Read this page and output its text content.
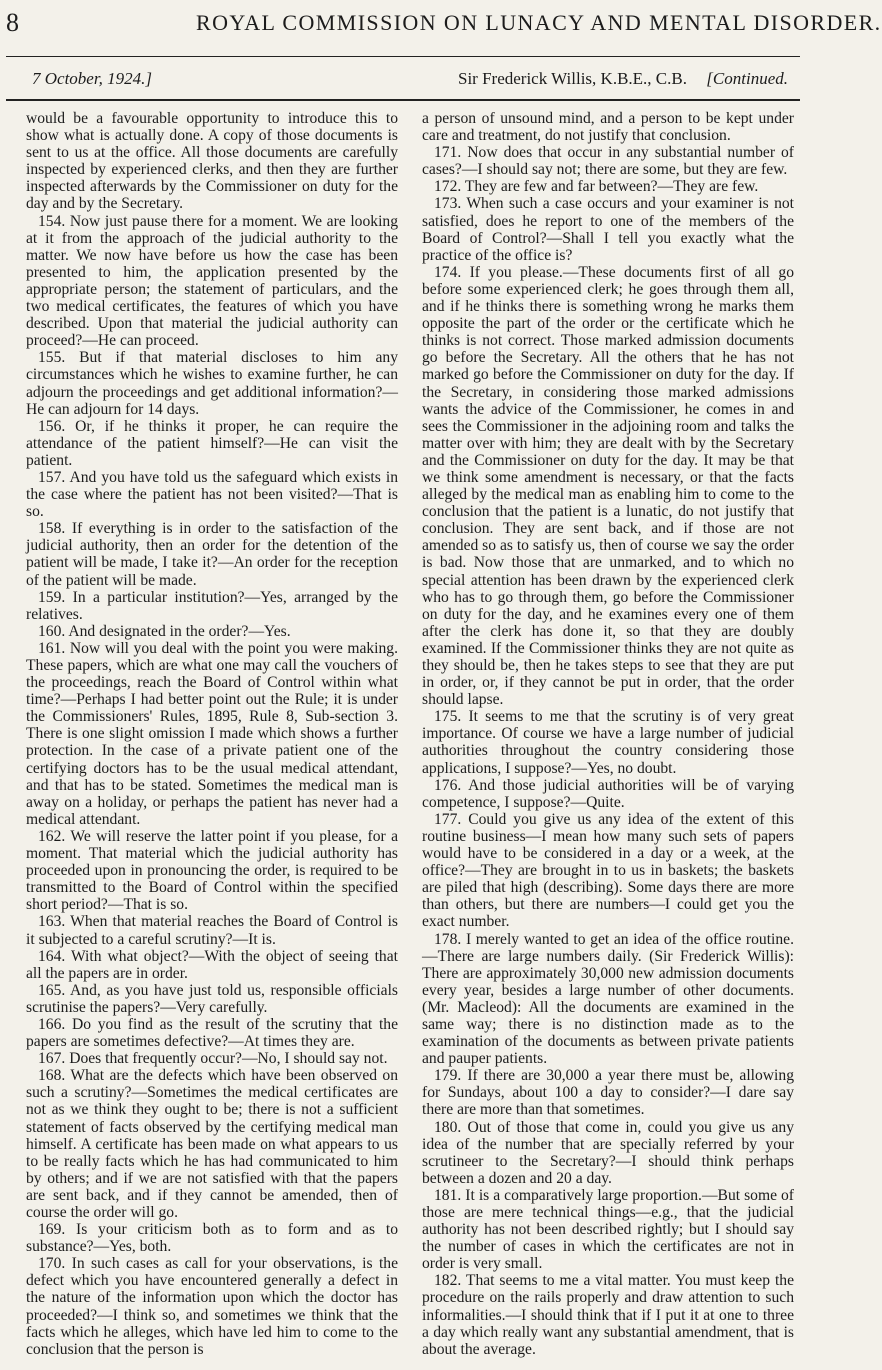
8	ROYAL COMMISSION ON LUNACY AND MENTAL DISORDER.
7 October, 1924.]	Sir Frederick Willis, K.B.E., C.B. [Continued.

would be a favourable opportunity to introduce this to show what is actually done. A copy of those documents is sent to us at the office. All those documents are carefully inspected by experienced clerks, and then they are further inspected afterwards by the Commissioner on duty for the day and by the Secretary.

154. Now just pause there for a moment. We are looking at it from the approach of the judicial authority to the matter. We now have before us how the case has been presented to him, the application presented by the appropriate person; the statement of particulars, and the two medical certificates, the features of which you have described. Upon that material the judicial authority can proceed?—He can proceed.

155. But if that material discloses to him any circumstances which he wishes to examine further, he can adjourn the proceedings and get additional information?—He can adjourn for 14 days.

156. Or, if he thinks it proper, he can require the attendance of the patient himself?—He can visit the patient.

157. And you have told us the safeguard which exists in the case where the patient has not been visited?—That is so.

158. If everything is in order to the satisfaction of the judicial authority, then an order for the detention of the patient will be made, I take it?—An order for the reception of the patient will be made.

159. In a particular institution?—Yes, arranged by the relatives.

160. And designated in the order?—Yes.

161. Now will you deal with the point you were making. These papers, which are what one may call the vouchers of the proceedings, reach the Board of Control within what time?—Perhaps I had better point out the Rule; it is under the Commissioners' Rules, 1895, Rule 8, Sub-section 3. There is one slight omission I made which shows a further protection. In the case of a private patient one of the certifying doctors has to be the usual medical attendant, and that has to be stated. Sometimes the medical man is away on a holiday, or perhaps the patient has never had a medical attendant.

162. We will reserve the latter point if you please, for a moment. That material which the judicial authority has proceeded upon in pronouncing the order, is required to be transmitted to the Board of Control within the specified short period?—That is so.

163. When that material reaches the Board of Control is it subjected to a careful scrutiny?—It is.

164. With what object?—With the object of seeing that all the papers are in order.

165. And, as you have just told us, responsible officials scrutinise the papers?—Very carefully.

166. Do you find as the result of the scrutiny that the papers are sometimes defective?—At times they are.

167. Does that frequently occur?—No, I should say not.

168. What are the defects which have been observed on such a scrutiny?—Sometimes the medical certificates are not as we think they ought to be; there is not a sufficient statement of facts observed by the certifying medical man himself. A certificate has been made on what appears to us to be really facts which he has had communicated to him by others; and if we are not satisfied with that the papers are sent back, and if they cannot be amended, then of course the order will go.

169. Is your criticism both as to form and as to substance?—Yes, both.

170. In such cases as call for your observations, is the defect which you have encountered generally a defect in the nature of the information upon which the doctor has proceeded?—I think so, and sometimes we think that the facts which he alleges, which have led him to come to the conclusion that the person is

a person of unsound mind, and a person to be kept under care and treatment, do not justify that conclusion.

171. Now does that occur in any substantial number of cases?—I should say not; there are some, but they are few.

172. They are few and far between?—They are few.

173. When such a case occurs and your examiner is not satisfied, does he report to one of the members of the Board of Control?—Shall I tell you exactly what the practice of the office is?

174. If you please.—These documents first of all go before some experienced clerk; he goes through them all, and if he thinks there is something wrong he marks them opposite the part of the order or the certificate which he thinks is not correct. Those marked admission documents go before the Secretary. All the others that he has not marked go before the Commissioner on duty for the day. If the Secretary, in considering those marked admissions wants the advice of the Commissioner, he comes in and sees the Commissioner in the adjoining room and talks the matter over with him; they are dealt with by the Secretary and the Commissioner on duty for the day. It may be that we think some amendment is necessary, or that the facts alleged by the medical man as enabling him to come to the conclusion that the patient is a lunatic, do not justify that conclusion. They are sent back, and if those are not amended so as to satisfy us, then of course we say the order is bad. Now those that are unmarked, and to which no special attention has been drawn by the experienced clerk who has to go through them, go before the Commissioner on duty for the day, and he examines every one of them after the clerk has done it, so that they are doubly examined. If the Commissioner thinks they are not quite as they should be, then he takes steps to see that they are put in order, or, if they cannot be put in order, that the order should lapse.

175. It seems to me that the scrutiny is of very great importance. Of course we have a large number of judicial authorities throughout the country considering those applications, I suppose?—Yes, no doubt.

176. And those judicial authorities will be of varying competence, I suppose?—Quite.

177. Could you give us any idea of the extent of this routine business—I mean how many such sets of papers would have to be considered in a day or a week, at the office?—They are brought in to us in baskets; the baskets are piled that high (describing). Some days there are more than others, but there are numbers—I could get you the exact number.

178. I merely wanted to get an idea of the office routine.—There are large numbers daily. (Sir Frederick Willis): There are approximately 30,000 new admission documents every year, besides a large number of other documents. (Mr. Macleod): All the documents are examined in the same way; there is no distinction made as to the examination of the documents as between private patients and pauper patients.

179. If there are 30,000 a year there must be, allowing for Sundays, about 100 a day to consider?—I dare say there are more than that sometimes.

180. Out of those that come in, could you give us any idea of the number that are specially referred by your scrutineer to the Secretary?—I should think perhaps between a dozen and 20 a day.

181. It is a comparatively large proportion.—But some of those are mere technical things—e.g., that the judicial authority has not been described rightly; but I should say the number of cases in which the certificates are not in order is very small.

182. That seems to me a vital matter. You must keep the procedure on the rails properly and draw attention to such informalities.—I should think that if I put it at one to three a day which really want any substantial amendment, that is about the average.
